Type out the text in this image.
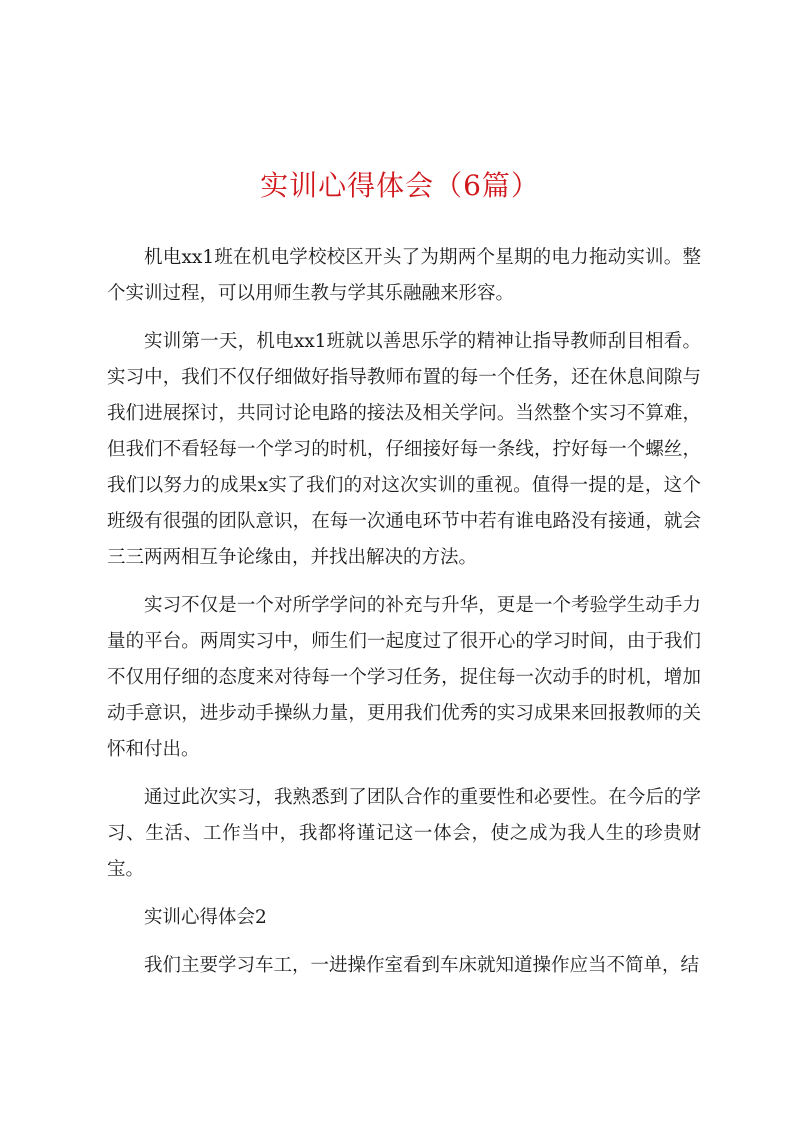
实训心得体会（6篇）

机电xx1班在机电学校校区开头了为期两个星期的电力拖动实训。整个实训过程，可以用师生教与学其乐融融来形容。

实训第一天，机电xx1班就以善思乐学的精神让指导教师刮目相看。实习中，我们不仅仔细做好指导教师布置的每一个任务，还在休息间隙与我们进展探讨，共同讨论电路的接法及相关学问。当然整个实习不算难，但我们不看轻每一个学习的时机，仔细接好每一条线，拧好每一个螺丝，我们以努力的成果x实了我们的对这次实训的重视。值得一提的是，这个班级有很强的团队意识，在每一次通电环节中若有谁电路没有接通，就会三三两两相互争论缘由，并找出解决的方法。

实习不仅是一个对所学学问的补充与升华，更是一个考验学生动手力量的平台。两周实习中，师生们一起度过了很开心的学习时间，由于我们不仅用仔细的态度来对待每一个学习任务，捉住每一次动手的时机，增加动手意识，进步动手操纵力量，更用我们优秀的实习成果来回报教师的关怀和付出。

通过此次实习，我熟悉到了团队合作的重要性和必要性。在今后的学习、生活、工作当中，我都将谨记这一体会，使之成为我人生的珍贵财宝。

实训心得体会2

我们主要学习车工，一进操作室看到车床就知道操作应当不简单，结
